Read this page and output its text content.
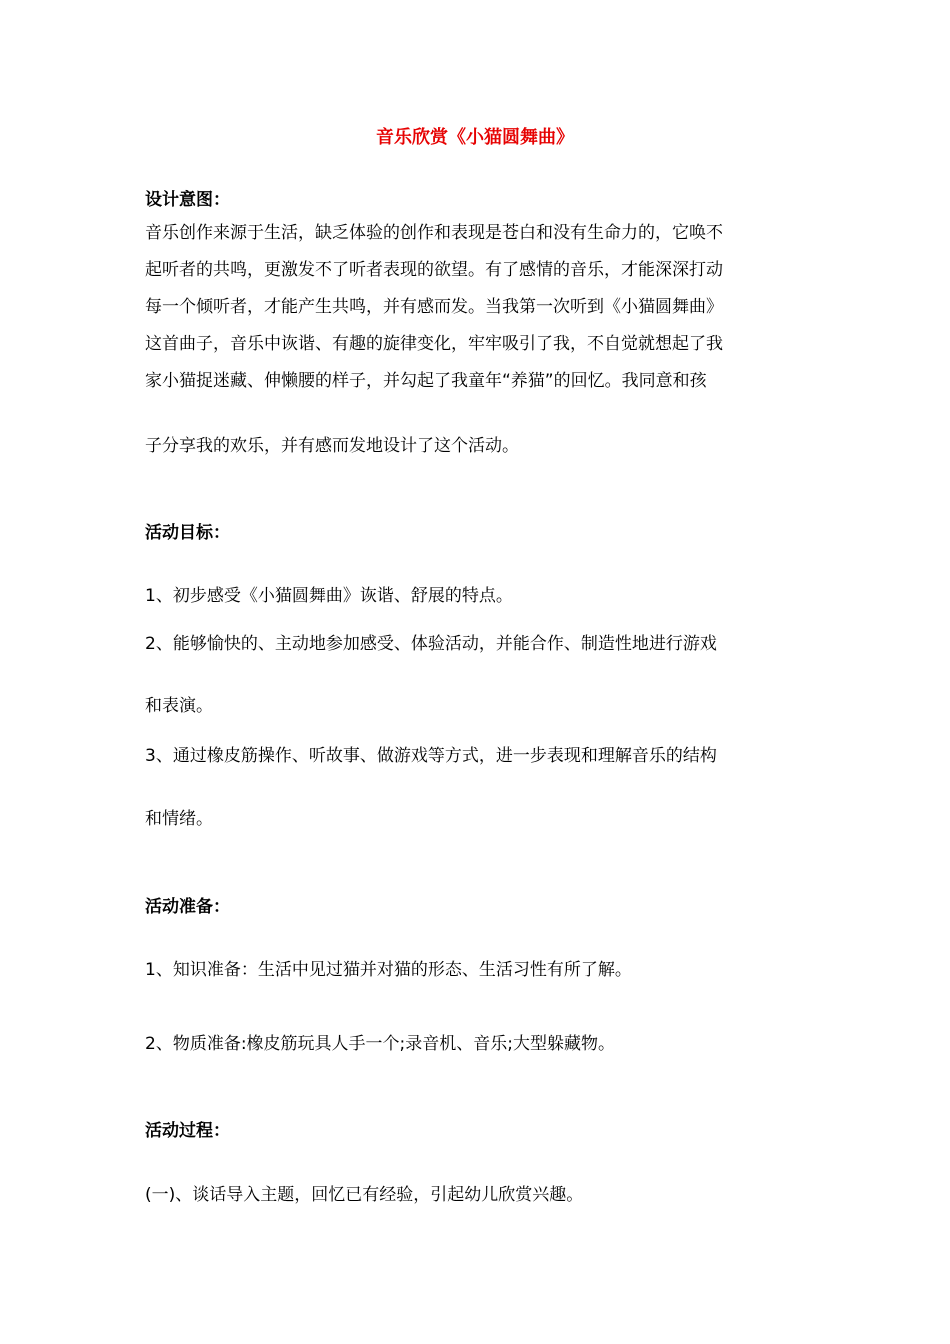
音乐欣赏《小猫圆舞曲》
设计意图：
音乐创作来源于生活，缺乏体验的创作和表现是苍白和没有生命力的，它唤不
起听者的共鸣，更激发不了听者表现的欲望。有了感情的音乐，才能深深打动
每一个倾听者，才能产生共鸣，并有感而发。当我第一次听到《小猫圆舞曲》
这首曲子，音乐中诙谐、有趣的旋律变化，牢牢吸引了我，不自觉就想起了我
家小猫捉迷藏、伸懒腰的样子，并勾起了我童年“养猫”的回忆。我同意和孩
子分享我的欢乐，并有感而发地设计了这个活动。
活动目标：
1、初步感受《小猫圆舞曲》诙谐、舒展的特点。
2、能够愉快的、主动地参加感受、体验活动，并能合作、制造性地进行游戏
和表演。
3、通过橡皮筋操作、听故事、做游戏等方式，进一步表现和理解音乐的结构
和情绪。
活动准备：
1、知识准备：生活中见过猫并对猫的形态、生活习性有所了解。
2、物质准备:橡皮筋玩具人手一个;录音机、音乐;大型躲藏物。
活动过程：
(一)、谈话导入主题，回忆已有经验，引起幼儿欣赏兴趣。
